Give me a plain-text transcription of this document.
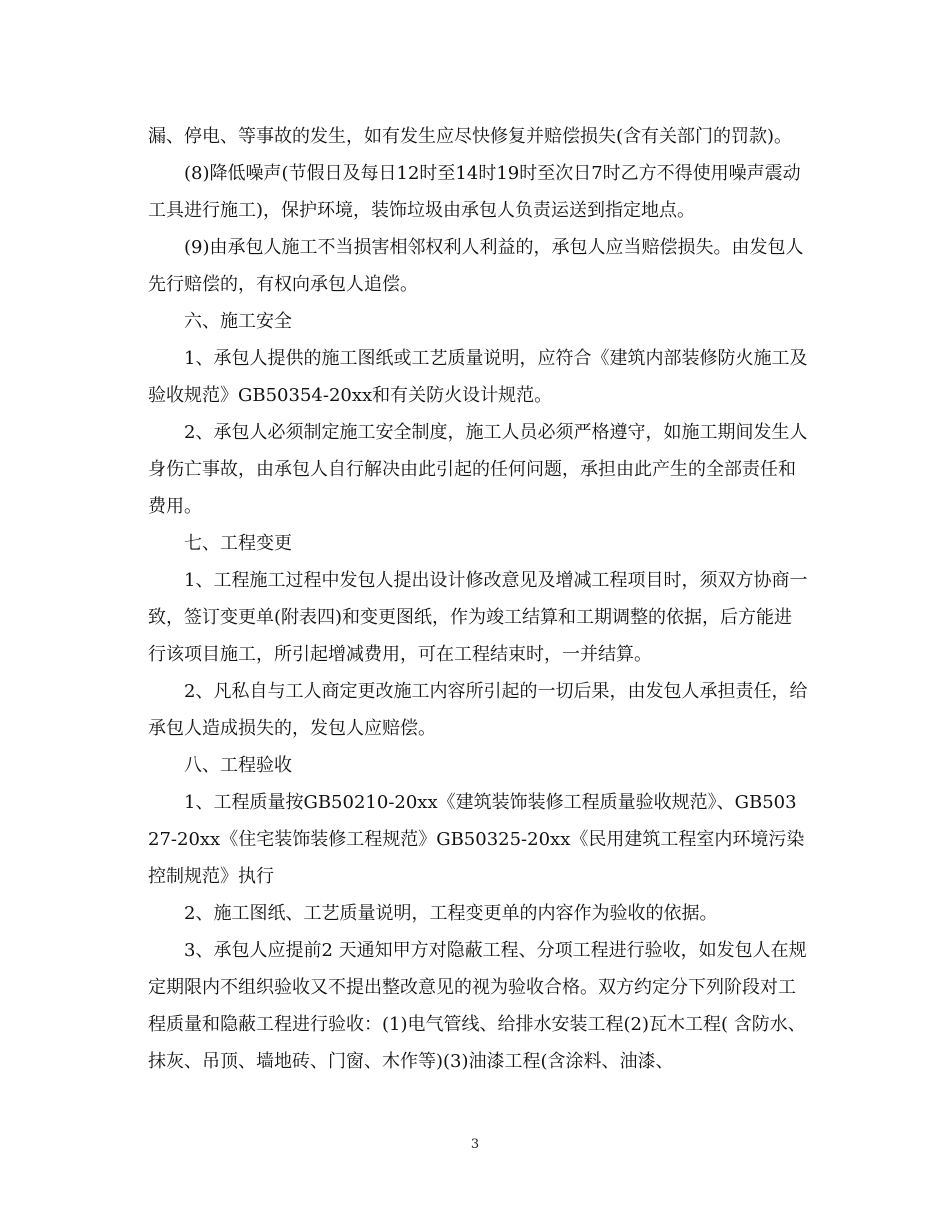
漏、停电、等事故的发生，如有发生应尽快修复并赔偿损失(含有关部门的罚款)。

(8)降低噪声(节假日及每日12时至14时19时至次日7时乙方不得使用噪声震动工具进行施工)，保护环境，装饰垃圾由承包人负责运送到指定地点。

(9)由承包人施工不当损害相邻权利人利益的，承包人应当赔偿损失。由发包人先行赔偿的，有权向承包人追偿。

六、施工安全

1、承包人提供的施工图纸或工艺质量说明，应符合《建筑内部装修防火施工及验收规范》GB50354-20xx和有关防火设计规范。

2、承包人必须制定施工安全制度，施工人员必须严格遵守，如施工期间发生人身伤亡事故，由承包人自行解决由此引起的任何问题，承担由此产生的全部责任和费用。

七、工程变更

1、工程施工过程中发包人提出设计修改意见及增减工程项目时，须双方协商一致，签订变更单(附表四)和变更图纸，作为竣工结算和工期调整的依据，后方能进行该项目施工，所引起增减费用，可在工程结束时，一并结算。

2、凡私自与工人商定更改施工内容所引起的一切后果，由发包人承担责任，给承包人造成损失的，发包人应赔偿。

八、工程验收

1、工程质量按GB50210-20xx《建筑装饰装修工程质量验收规范》、GB50327-20xx《住宅装饰装修工程规范》GB50325-20xx《民用建筑工程室内环境污染控制规范》执行

2、施工图纸、工艺质量说明，工程变更单的内容作为验收的依据。

3、承包人应提前2 天通知甲方对隐蔽工程、分项工程进行验收，如发包人在规定期限内不组织验收又不提出整改意见的视为验收合格。双方约定分下列阶段对工程质量和隐蔽工程进行验收：(1)电气管线、给排水安装工程(2)瓦木工程( 含防水、抹灰、吊顶、墙地砖、门窗、木作等)(3)油漆工程(含涂料、油漆、

3
